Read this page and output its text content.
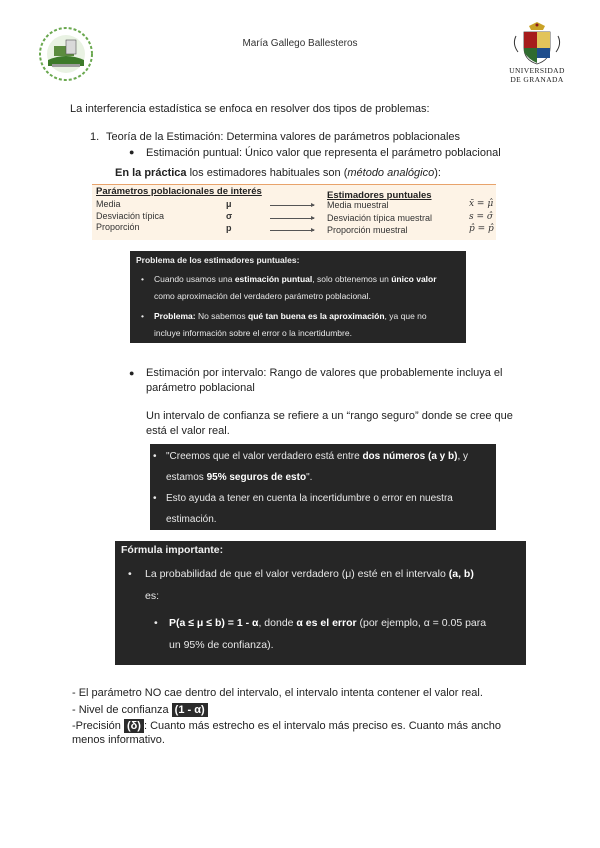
María Gallego Ballesteros
UNIVERSIDAD
DE GRANADA
La interferencia estadística se enfoca en resolver dos tipos de problemas:
1. Teoría de la Estimación: Determina valores de parámetros poblacionales
● Estimación puntual: Único valor que representa el parámetro poblacional
En la práctica los estimadores habituales son (método analógico):
Parámetros poblacionales de interés	Estimadores puntuales
Media	μ	Media muestral	x̄ = μ̂
Desviación típica	σ	Desviación típica muestral	s = σ̂
Proporción	p	Proporción muestral	p̂ = p̂
Problema de los estimadores puntuales:
• Cuando usamos una estimación puntual, solo obtenemos un único valor
como aproximación del verdadero parámetro poblacional.
• Problema: No sabemos qué tan buena es la aproximación, ya que no
incluye información sobre el error o la incertidumbre.
● Estimación por intervalo: Rango de valores que probablemente incluya el
parámetro poblacional
Un intervalo de confianza se refiere a un “rango seguro” donde se cree que
está el valor real.
• "Creemos que el valor verdadero está entre dos números (a y b), y
estamos 95% seguros de esto".
• Esto ayuda a tener en cuenta la incertidumbre o error en nuestra
estimación.
Fórmula importante:
• La probabilidad de que el valor verdadero (μ) esté en el intervalo (a, b)
es:
• P(a ≤ μ ≤ b) = 1 - α, donde α es el error (por ejemplo, α = 0.05 para
un 95% de confianza).
- El parámetro NO cae dentro del intervalo, el intervalo intenta contener el valor real.
- Nivel de confianza (1 - α)
-Precisión (δ) : Cuanto más estrecho es el intervalo más preciso es. Cuanto más ancho
menos informativo.
